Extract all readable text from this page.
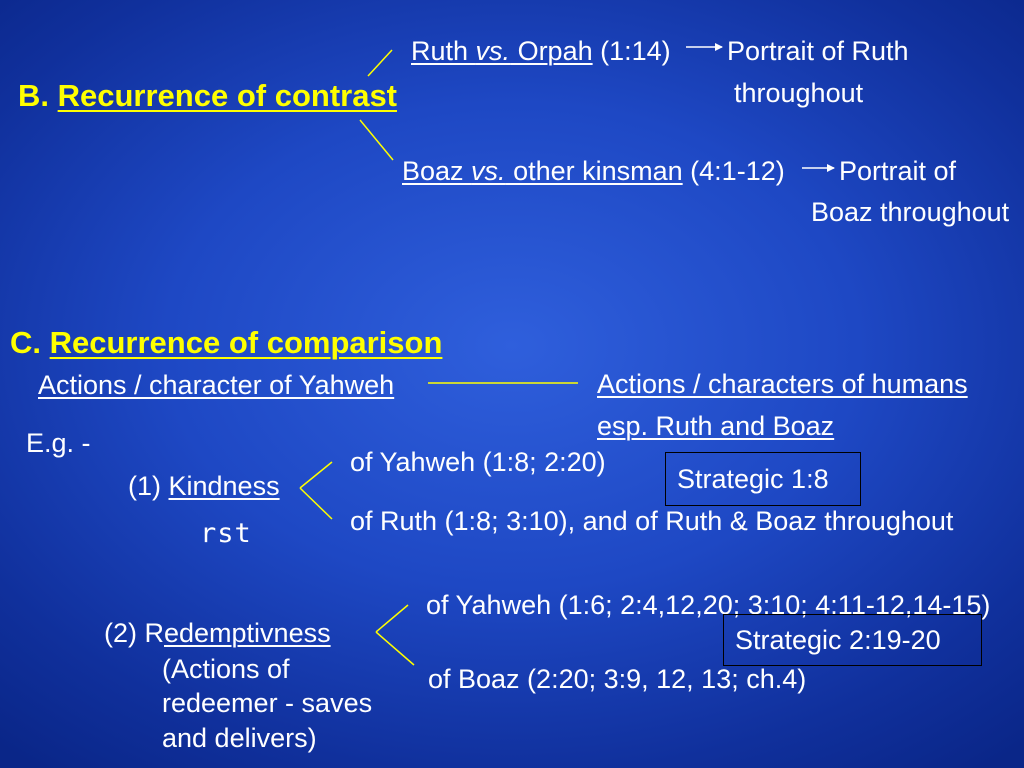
B. Recurrence of contrast
Ruth vs. Orpah (1:14) Portrait of Ruth
throughout
Boaz vs. other kinsman (4:1-12) Portrait of
Boaz throughout
C. Recurrence of comparison
Actions / character of Yahweh	Actions / characters of humans
esp. Ruth and Boaz
E.g. -
(1) Kindness
rst
of Yahweh (1:8; 2:20)
of Ruth (1:8; 3:10), and of Ruth & Boaz throughout
Strategic 1:8
(2) Redemptivness
(Actions of
redeemer - saves
and delivers)
of Yahweh (1:6; 2:4,12,20; 3:10; 4:11-12,14-15)
of Boaz (2:20; 3:9, 12, 13; ch.4)
Strategic 2:19-20
